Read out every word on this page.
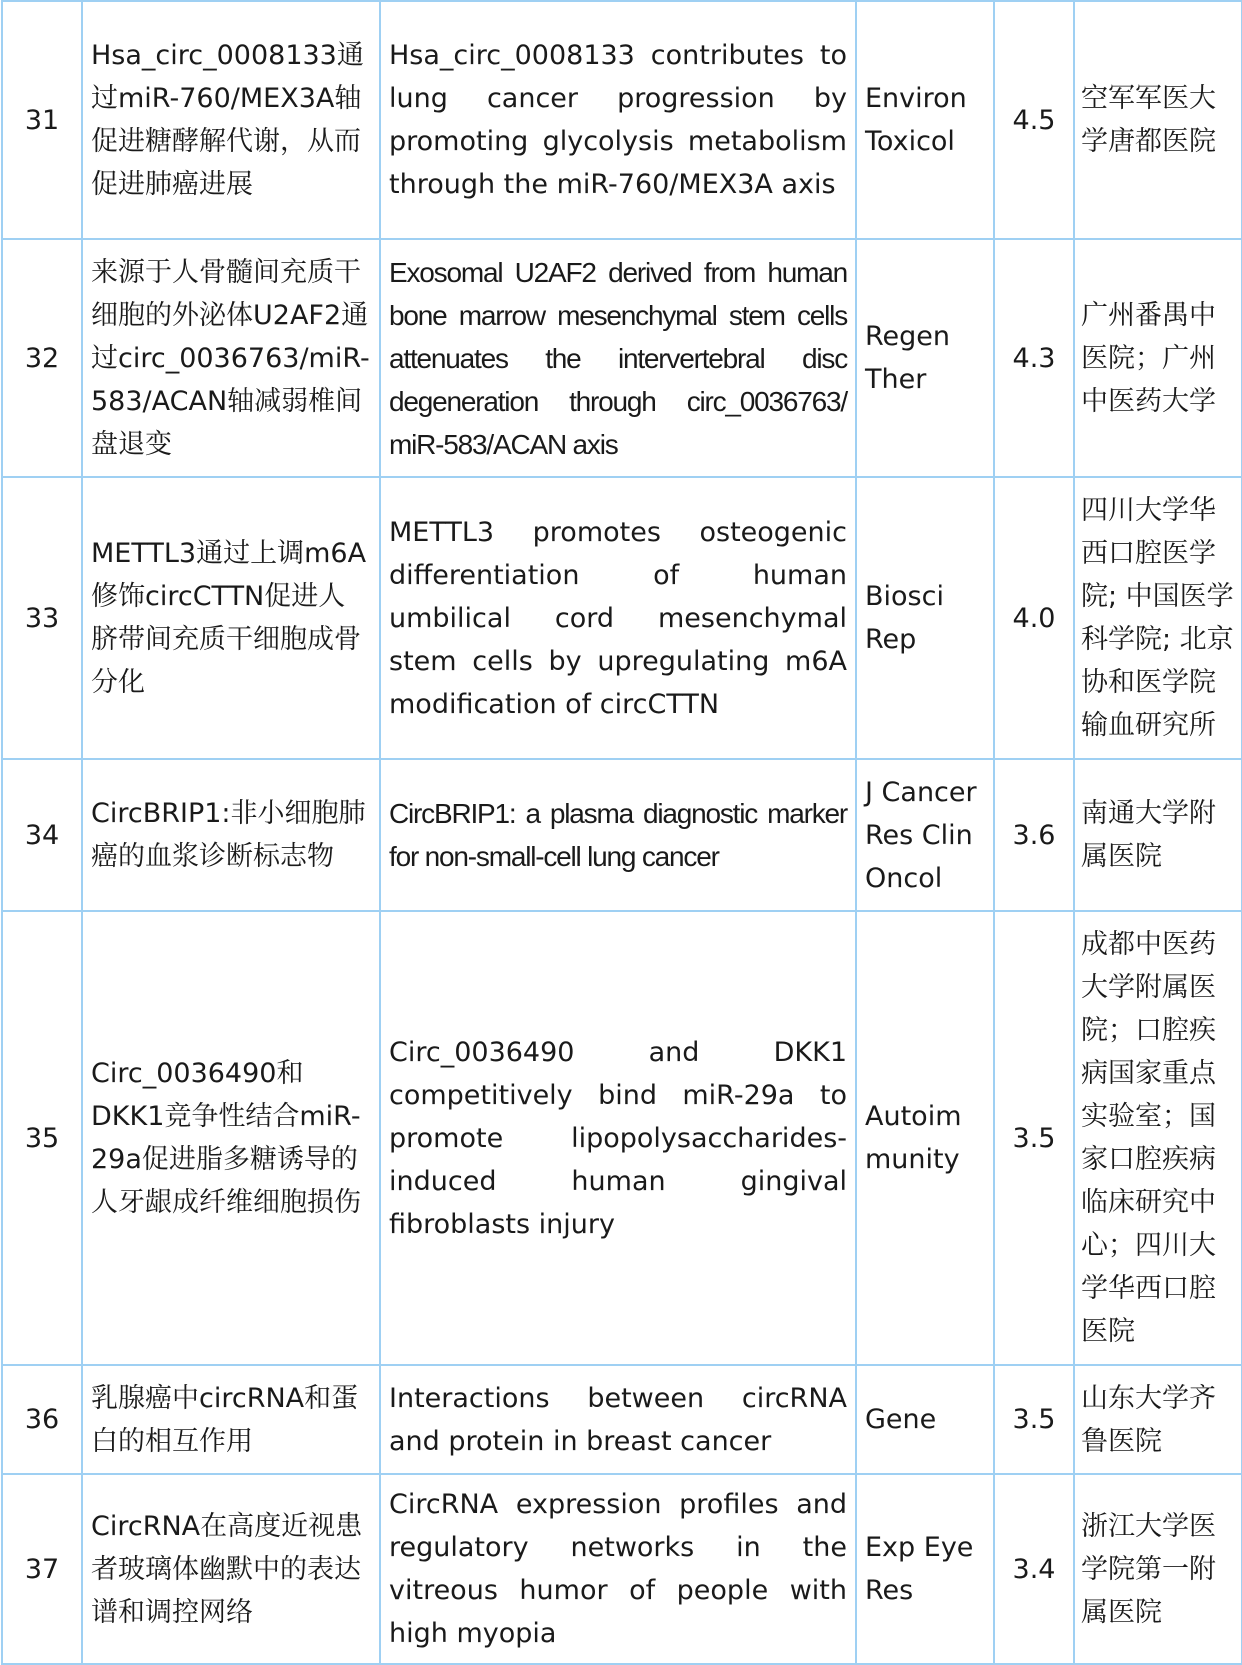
31	Hsa_circ_0008133通过miR-760/MEX3A轴促进糖酵解代谢，从而促进肺癌进展	Hsa_circ_0008133 contributes to lung cancer progression by promoting glycolysis metabolism through the miR-760/MEX3A axis	Environ Toxicol	4.5	空军军医大学唐都医院
32	来源于人骨髓间充质干细胞的外泌体U2AF2通过circ_0036763/miR-583/ACAN轴减弱椎间盘退变	Exosomal U2AF2 derived from human bone marrow mesenchymal stem cells attenuates the intervertebral disc degeneration through circ_0036763/ miR-583/ACAN axis	Regen Ther	4.3	广州番禺中医院；广州中医药大学
33	METTL3通过上调m6A修饰circCTTN促进人脐带间充质干细胞成骨分化	METTL3 promotes osteogenic differentiation of human umbilical cord mesenchymal stem cells by upregulating m6A modification of circCTTN	Biosci Rep	4.0	四川大学华西口腔医学院; 中国医学科学院; 北京协和医学院输血研究所
34	CircBRIP1:非小细胞肺癌的血浆诊断标志物	CircBRIP1: a plasma diagnostic marker for non-small-cell lung cancer	J Cancer Res Clin Oncol	3.6	南通大学附属医院
35	Circ_0036490和DKK1竞争性结合miR-29a促进脂多糖诱导的人牙龈成纤维细胞损伤	Circ_0036490 and DKK1 competitively bind miR-29a to promote lipopolysaccharides-induced human gingival fibroblasts injury	Autoimmunity	3.5	成都中医药大学附属医院；口腔疾病国家重点实验室；国家口腔疾病临床研究中心；四川大学华西口腔医院
36	乳腺癌中circRNA和蛋白的相互作用	Interactions between circRNA and protein in breast cancer	Gene	3.5	山东大学齐鲁医院
37	CircRNA在高度近视患者玻璃体幽默中的表达谱和调控网络	CircRNA expression profiles and regulatory networks in the vitreous humor of people with high myopia	Exp Eye Res	3.4	浙江大学医学院第一附属医院
